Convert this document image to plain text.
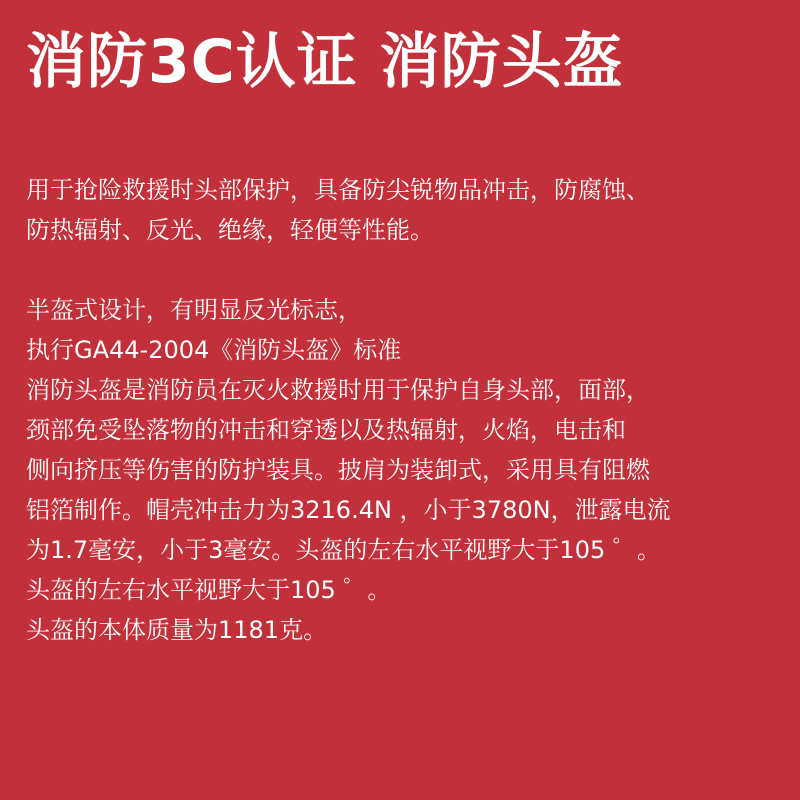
消防3C认证 消防头盔
用于抢险救援时头部保护，具备防尖锐物品冲击，防腐蚀、
防热辐射、反光、绝缘，轻便等性能。
半盔式设计，有明显反光标志，
执行GA44-2004《消防头盔》标准
消防头盔是消防员在灭火救援时用于保护自身头部，面部，
颈部免受坠落物的冲击和穿透以及热辐射，火焰，电击和
侧向挤压等伤害的防护装具。披肩为装卸式，采用具有阻燃
铝箔制作。帽壳冲击力为3216.4N ，小于3780N，泄露电流
为1.7毫安，小于3毫安。头盔的左右水平视野大于105 ゜。
头盔的左右水平视野大于105 ゜。
头盔的本体质量为1181克。
